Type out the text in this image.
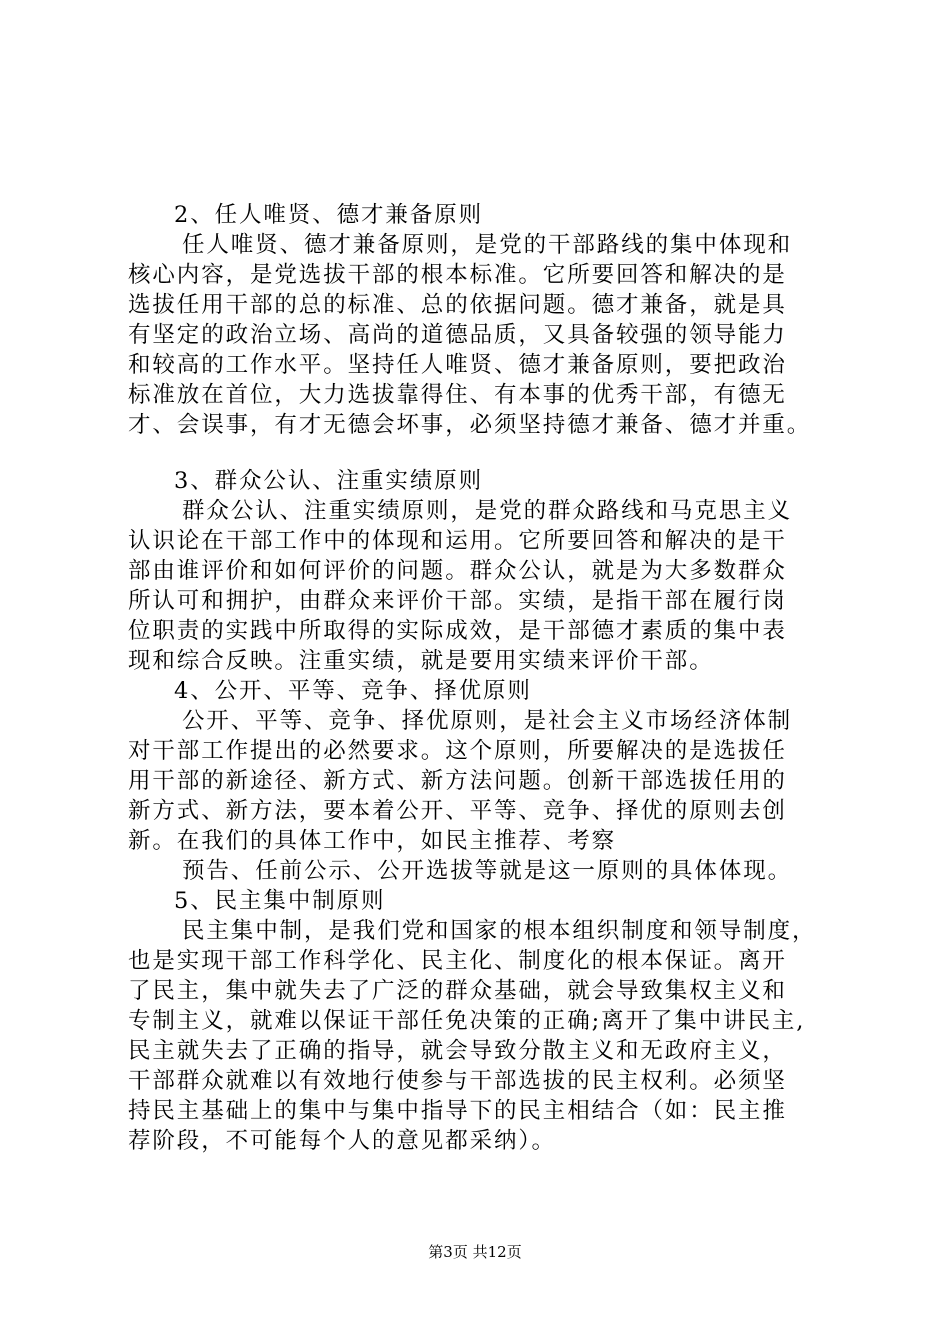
2、任人唯贤、德才兼备原则
任人唯贤、德才兼备原则，是党的干部路线的集中体现和
核心内容，是党选拔干部的根本标准。它所要回答和解决的是
选拔任用干部的总的标准、总的依据问题。德才兼备，就是具
有坚定的政治立场、高尚的道德品质，又具备较强的领导能力
和较高的工作水平。坚持任人唯贤、德才兼备原则，要把政治
标准放在首位，大力选拔靠得住、有本事的优秀干部，有德无
才、会误事，有才无德会坏事，必须坚持德才兼备、德才并重。
3、群众公认、注重实绩原则
群众公认、注重实绩原则，是党的群众路线和马克思主义
认识论在干部工作中的体现和运用。它所要回答和解决的是干
部由谁评价和如何评价的问题。群众公认，就是为大多数群众
所认可和拥护，由群众来评价干部。实绩，是指干部在履行岗
位职责的实践中所取得的实际成效，是干部德才素质的集中表
现和综合反映。注重实绩，就是要用实绩来评价干部。
4、公开、平等、竞争、择优原则
公开、平等、竞争、择优原则，是社会主义市场经济体制
对干部工作提出的必然要求。这个原则，所要解决的是选拔任
用干部的新途径、新方式、新方法问题。创新干部选拔任用的
新方式、新方法，要本着公开、平等、竞争、择优的原则去创
新。在我们的具体工作中，如民主推荐、考察
预告、任前公示、公开选拔等就是这一原则的具体体现。
5、民主集中制原则
民主集中制，是我们党和国家的根本组织制度和领导制度，
也是实现干部工作科学化、民主化、制度化的根本保证。离开
了民主，集中就失去了广泛的群众基础，就会导致集权主义和
专制主义，就难以保证干部任免决策的正确;离开了集中讲民主,
民主就失去了正确的指导，就会导致分散主义和无政府主义，
干部群众就难以有效地行使参与干部选拔的民主权利。必须坚
持民主基础上的集中与集中指导下的民主相结合（如：民主推
荐阶段，不可能每个人的意见都采纳）。
第3页 共12页
